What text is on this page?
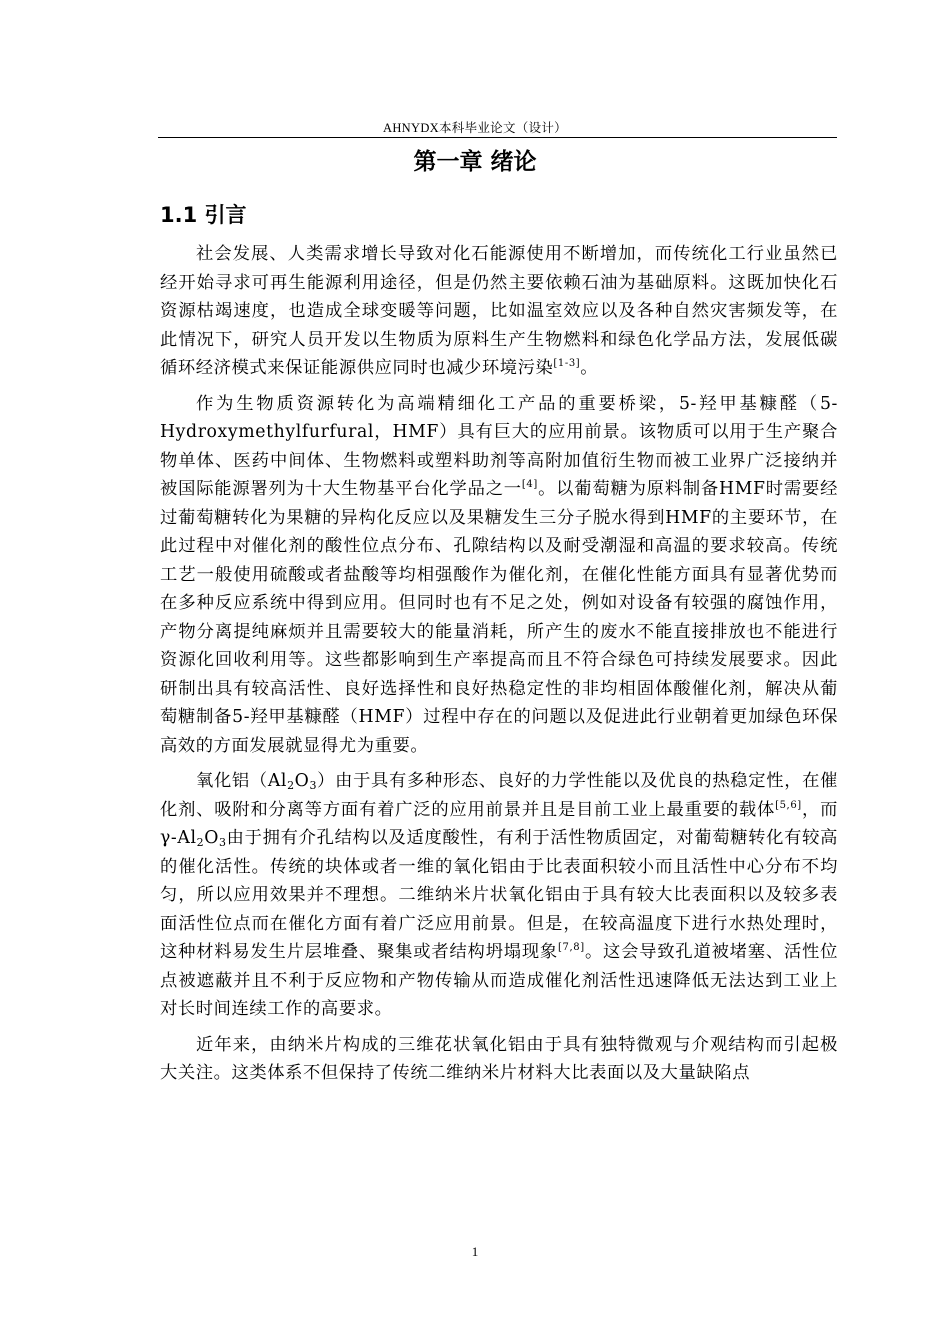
AHNYDX本科毕业论文（设计）
第一章 绪论
1.1 引言

社会发展、人类需求增长导致对化石能源使用不断增加，而传统化工行业虽然已经开始寻求可再生能源利用途径，但是仍然主要依赖石油为基础原料。这既加快化石资源枯竭速度，也造成全球变暖等问题，比如温室效应以及各种自然灾害频发等，在此情况下，研究人员开发以生物质为原料生产生物燃料和绿色化学品方法，发展低碳循环经济模式来保证能源供应同时也减少环境污染[1-3]。

作为生物质资源转化为高端精细化工产品的重要桥梁，5-羟甲基糠醛（5-Hydroxymethylfurfural，HMF）具有巨大的应用前景。该物质可以用于生产聚合物单体、医药中间体、生物燃料或塑料助剂等高附加值衍生物而被工业界广泛接纳并被国际能源署列为十大生物基平台化学品之一[4]。以葡萄糖为原料制备HMF时需要经过葡萄糖转化为果糖的异构化反应以及果糖发生三分子脱水得到HMF的主要环节，在此过程中对催化剂的酸性位点分布、孔隙结构以及耐受潮湿和高温的要求较高。传统工艺一般使用硫酸或者盐酸等均相强酸作为催化剂，在催化性能方面具有显著优势而在多种反应系统中得到应用。但同时也有不足之处，例如对设备有较强的腐蚀作用，产物分离提纯麻烦并且需要较大的能量消耗，所产生的废水不能直接排放也不能进行资源化回收利用等。这些都影响到生产率提高而且不符合绿色可持续发展要求。因此研制出具有较高活性、良好选择性和良好热稳定性的非均相固体酸催化剂，解决从葡萄糖制备5-羟甲基糠醛（HMF）过程中存在的问题以及促进此行业朝着更加绿色环保高效的方面发展就显得尤为重要。

氧化铝$(Al_2O_3)$由于具有多种形态、良好的力学性能以及优良的热稳定性，在催化剂、吸附和分离等方面有着广泛的应用前景并且是目前工业上最重要的载体[5,6]，而$\gamma-Al_2O_3$由于拥有介孔结构以及适度酸性，有利于活性物质固定，对葡萄糖转化有较高的催化活性。传统的块体或者一维的氧化铝由于比表面积较小而且活性中心分布不均匀，所以应用效果并不理想。二维纳米片状氧化铝由于具有较大比表面积以及较多表面活性位点而在催化方面有着广泛应用前景。但是，在较高温度下进行水热处理时，这种材料易发生片层堆叠、聚集或者结构坍塌现象[7,8]。这会导致孔道被堵塞、活性位点被遮蔽并且不利于反应物和产物传输从而造成催化剂活性迅速降低无法达到工业上对长时间连续工作的高要求。

近年来，由纳米片构成的三维花状氧化铝由于具有独特微观与介观结构而引起极大关注。这类体系不但保持了传统二维纳米片材料大比表面以及大量缺陷点

1
